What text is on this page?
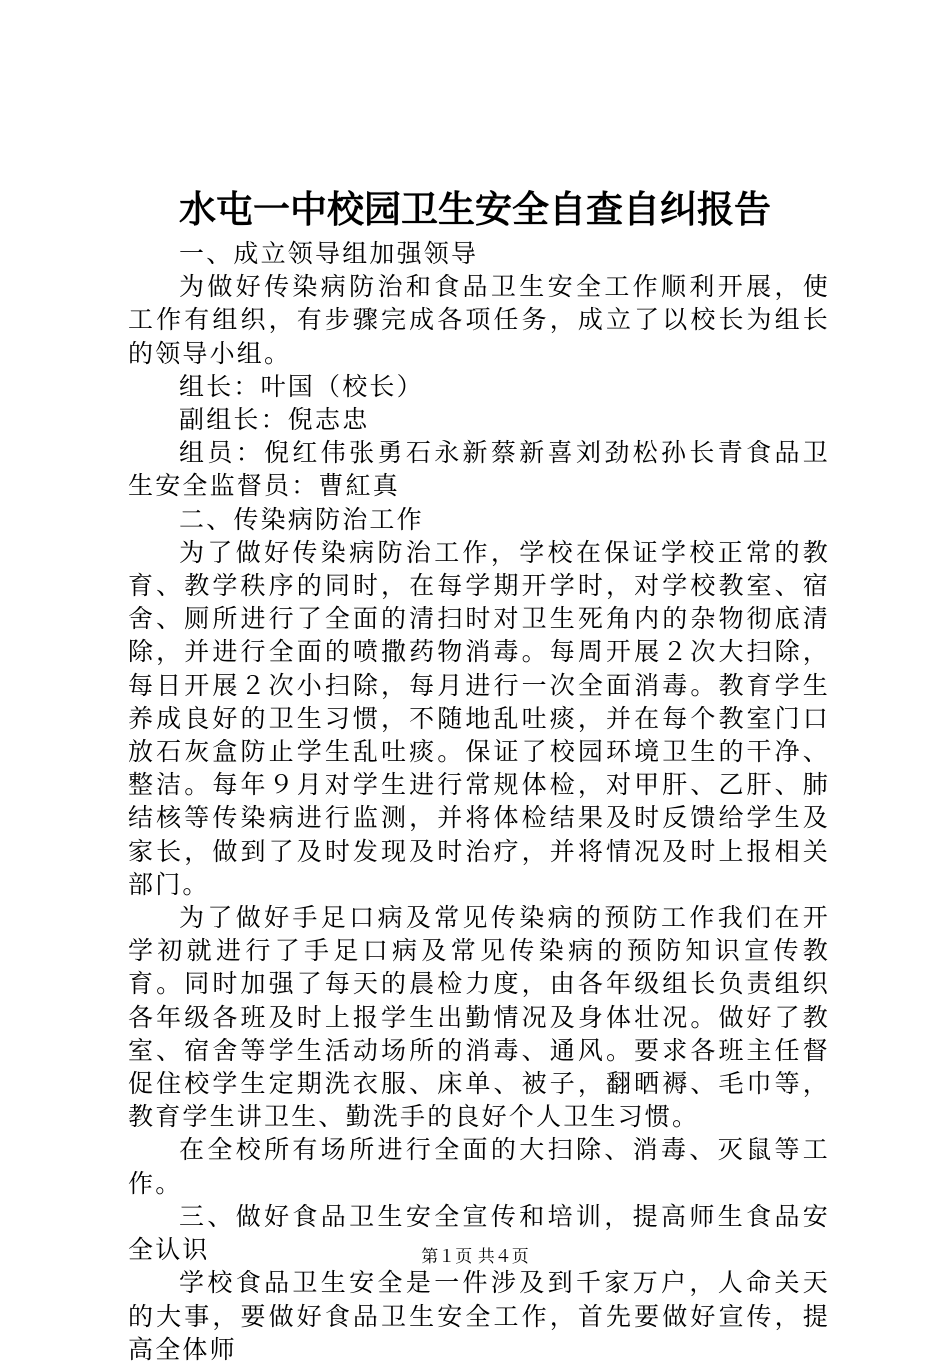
水屯一中校园卫生安全自查自纠报告

一、成立领导组加强领导

为做好传染病防治和食品卫生安全工作顺利开展，使工作有组织，有步骤完成各项任务，成立了以校长为组长的领导小组。

组长：叶国（校长）

副组长：倪志忠

组员：倪红伟张勇石永新蔡新喜刘劲松孙长青食品卫生安全监督员：曹紅真

二、传染病防治工作

为了做好传染病防治工作，学校在保证学校正常的教育、教学秩序的同时，在每学期开学时，对学校教室、宿舍、厕所进行了全面的清扫时对卫生死角内的杂物彻底清除，并进行全面的喷撒药物消毒。每周开展２次大扫除，每日开展２次小扫除，每月进行一次全面消毒。教育学生养成良好的卫生习惯，不随地乱吐痰，并在每个教室门口放石灰盒防止学生乱吐痰。保证了校园环境卫生的干净、整洁。每年９月对学生进行常规体检，对甲肝、乙肝、肺结核等传染病进行监测，并将体检结果及时反馈给学生及家长，做到了及时发现及时治疗，并将情况及时上报相关部门。

为了做好手足口病及常见传染病的预防工作我们在开学初就进行了手足口病及常见传染病的预防知识宣传教育。同时加强了每天的晨检力度，由各年级组长负责组织各年级各班及时上报学生出勤情况及身体壮况。做好了教室、宿舍等学生活动场所的消毒、通风。要求各班主任督促住校学生定期洗衣服、床单、被子，翻晒褥、毛巾等，教育学生讲卫生、勤洗手的良好个人卫生习惯。

在全校所有场所进行全面的大扫除、消毒、灭鼠等工作。

三、做好食品卫生安全宣传和培训，提高师生食品安全认识

学校食品卫生安全是一件涉及到千家万户，人命关天的大事，要做好食品卫生安全工作，首先要做好宣传，提高全体师

第１页 共４页
